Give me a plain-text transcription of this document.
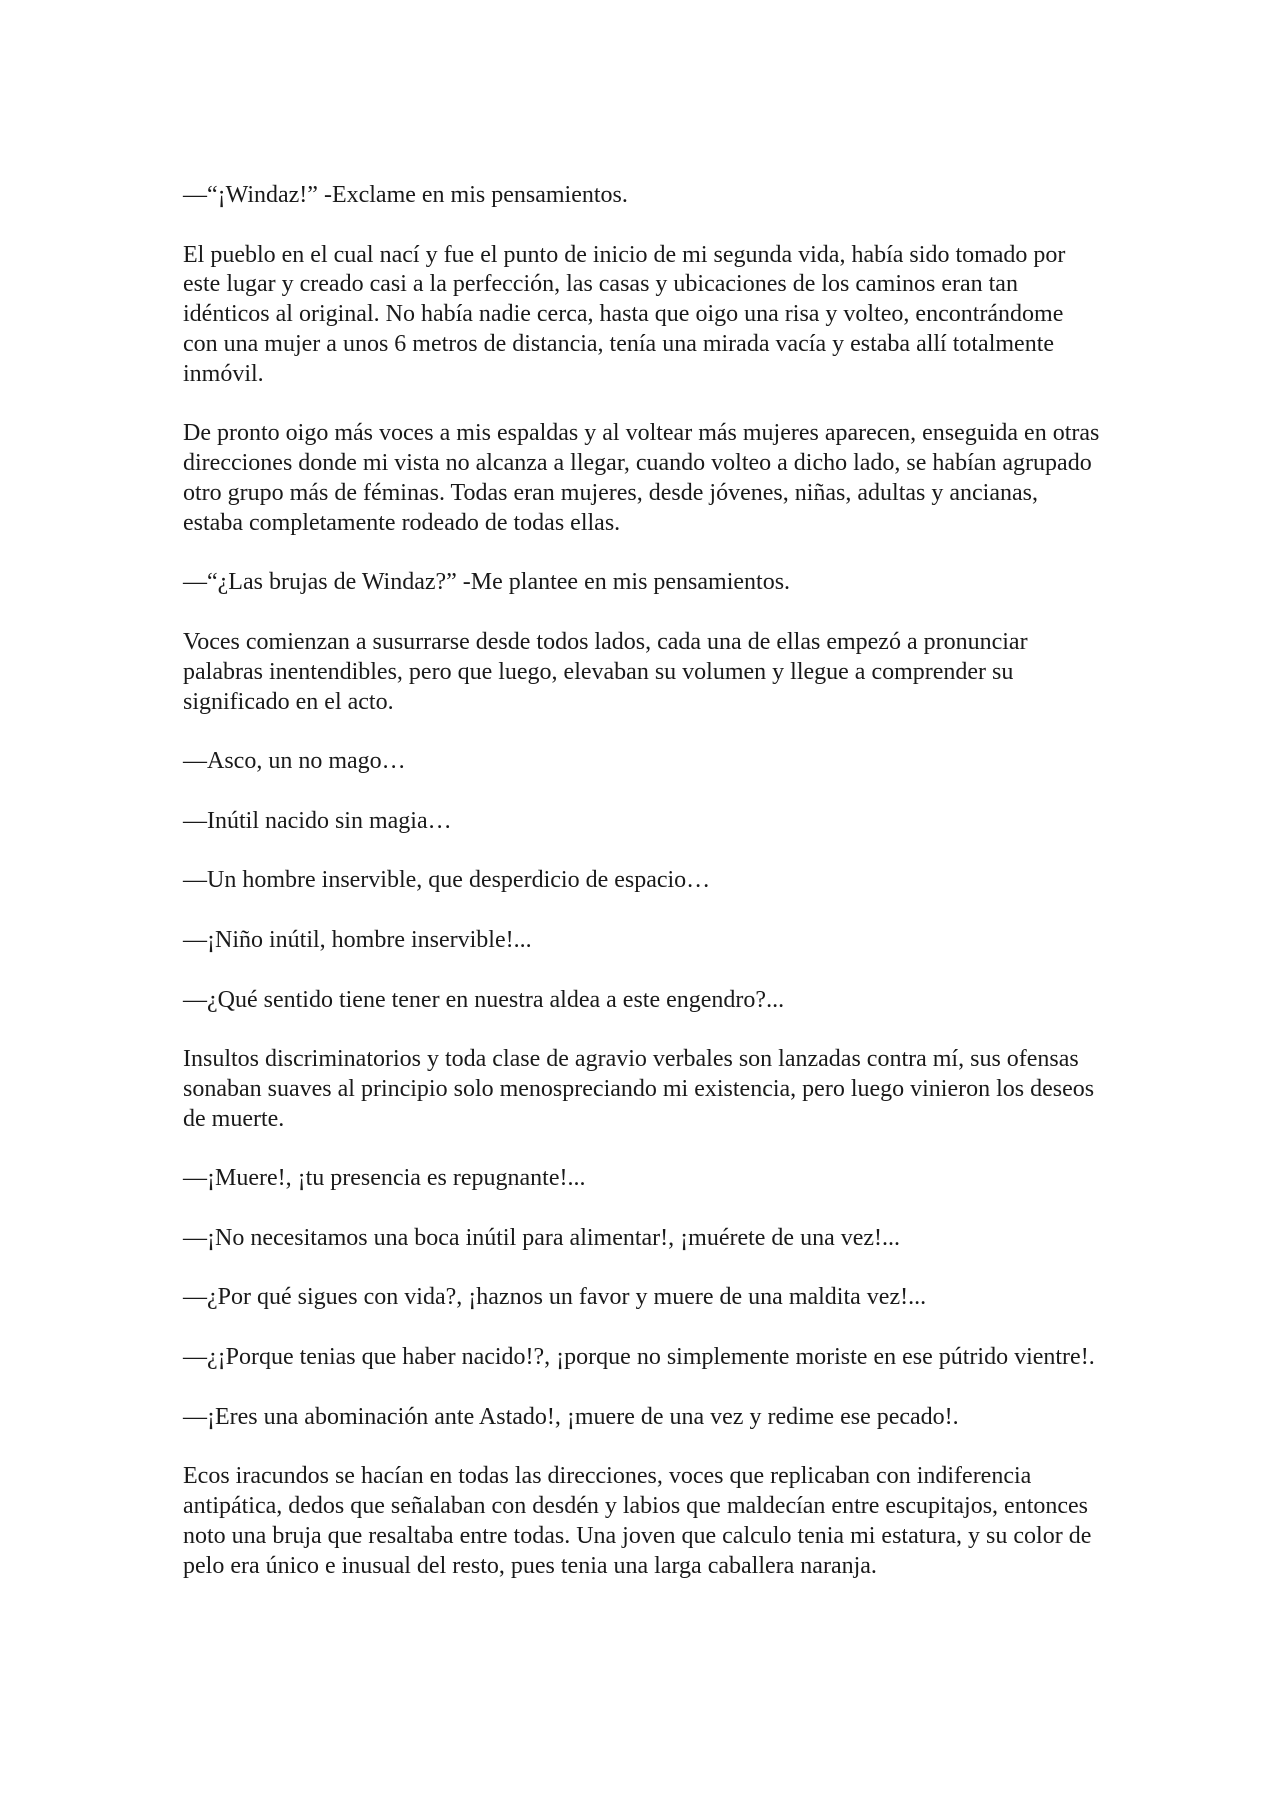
—“¡Windaz!” -Exclame en mis pensamientos.

El pueblo en el cual nací y fue el punto de inicio de mi segunda vida, había sido tomado por este lugar y creado casi a la perfección, las casas y ubicaciones de los caminos eran tan idénticos al original. No había nadie cerca, hasta que oigo una risa y volteo, encontrándome con una mujer a unos 6 metros de distancia, tenía una mirada vacía y estaba allí totalmente inmóvil.

De pronto oigo más voces a mis espaldas y al voltear más mujeres aparecen, enseguida en otras direcciones donde mi vista no alcanza a llegar, cuando volteo a dicho lado, se habían agrupado otro grupo más de féminas. Todas eran mujeres, desde jóvenes, niñas, adultas y ancianas, estaba completamente rodeado de todas ellas.

—“¿Las brujas de Windaz?” -Me plantee en mis pensamientos.

Voces comienzan a susurrarse desde todos lados, cada una de ellas empezó a pronunciar palabras inentendibles, pero que luego, elevaban su volumen y llegue a comprender su significado en el acto.

—Asco, un no mago…

—Inútil nacido sin magia…

—Un hombre inservible, que desperdicio de espacio…

—¡Niño inútil, hombre inservible!...

—¿Qué sentido tiene tener en nuestra aldea a este engendro?...

Insultos discriminatorios y toda clase de agravio verbales son lanzadas contra mí, sus ofensas sonaban suaves al principio solo menospreciando mi existencia, pero luego vinieron los deseos de muerte.

—¡Muere!, ¡tu presencia es repugnante!...

—¡No necesitamos una boca inútil para alimentar!, ¡muérete de una vez!...

—¿Por qué sigues con vida?, ¡haznos un favor y muere de una maldita vez!...

—¿¡Porque tenias que haber nacido!?, ¡porque no simplemente moriste en ese pútrido vientre!.

—¡Eres una abominación ante Astado!, ¡muere de una vez y redime ese pecado!.

Ecos iracundos se hacían en todas las direcciones, voces que replicaban con indiferencia antipática, dedos que señalaban con desdén y labios que maldecían entre escupitajos, entonces noto una bruja que resaltaba entre todas. Una joven que calculo tenia mi estatura, y su color de pelo era único e inusual del resto, pues tenia una larga caballera naranja.
